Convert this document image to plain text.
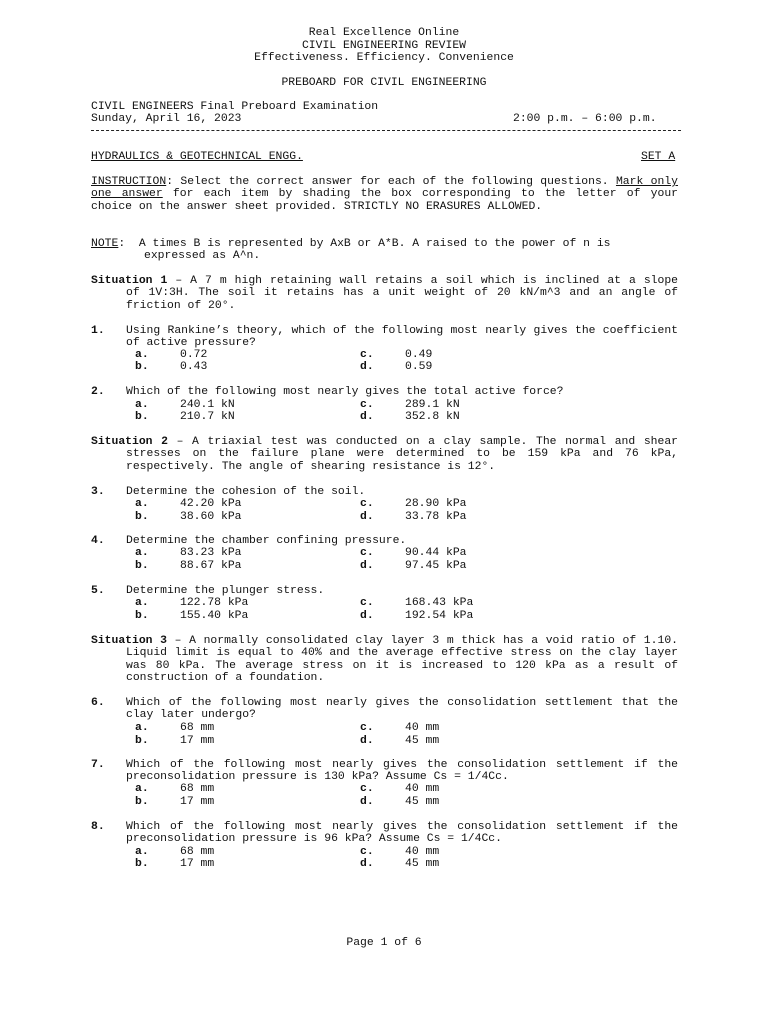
Real Excellence Online
CIVIL ENGINEERING REVIEW
Effectiveness. Efficiency. Convenience
PREBOARD FOR CIVIL ENGINEERING
CIVIL ENGINEERS Final Preboard Examination
Sunday, April 16, 2023	2:00 p.m. – 6:00 p.m.
HYDRAULICS & GEOTECHNICAL ENGG.	SET A
INSTRUCTION: Select the correct answer for each of the following questions. Mark only one answer for each item by shading the box corresponding to the letter of your choice on the answer sheet provided. STRICTLY NO ERASURES ALLOWED.
NOTE:  A times B is represented by AxB or A*B. A raised to the power of n is
expressed as A^n.
Situation 1 – A 7 m high retaining wall retains a soil which is inclined at a slope of 1V:3H. The soil it retains has a unit weight of 20 kN/m^3 and an angle of friction of 20°.
1. Using Rankine’s theory, which of the following most nearly gives the coefficient of active pressure?
a.	0.72	c.	0.49
b.	0.43	d.	0.59
2. Which of the following most nearly gives the total active force?
a.	240.1 kN	c.	289.1 kN
b.	210.7 kN	d.	352.8 kN
Situation 2 – A triaxial test was conducted on a clay sample. The normal and shear stresses on the failure plane were determined to be 159 kPa and 76 kPa, respectively. The angle of shearing resistance is 12°.
3. Determine the cohesion of the soil.
a.	42.20 kPa	c.	28.90 kPa
b.	38.60 kPa	d.	33.78 kPa
4. Determine the chamber confining pressure.
a.	83.23 kPa	c.	90.44 kPa
b.	88.67 kPa	d.	97.45 kPa
5. Determine the plunger stress.
a.	122.78 kPa	c.	168.43 kPa
b.	155.40 kPa	d.	192.54 kPa
Situation 3 – A normally consolidated clay layer 3 m thick has a void ratio of 1.10. Liquid limit is equal to 40% and the average effective stress on the clay layer was 80 kPa. The average stress on it is increased to 120 kPa as a result of construction of a foundation.
6. Which of the following most nearly gives the consolidation settlement that the clay later undergo?
a.	68 mm	c.	40 mm
b.	17 mm	d.	45 mm
7. Which of the following most nearly gives the consolidation settlement if the preconsolidation pressure is 130 kPa? Assume Cs = 1/4Cc.
a.	68 mm	c.	40 mm
b.	17 mm	d.	45 mm
8. Which of the following most nearly gives the consolidation settlement if the preconsolidation pressure is 96 kPa? Assume Cs = 1/4Cc.
a.	68 mm	c.	40 mm
b.	17 mm	d.	45 mm
Page 1 of 6
